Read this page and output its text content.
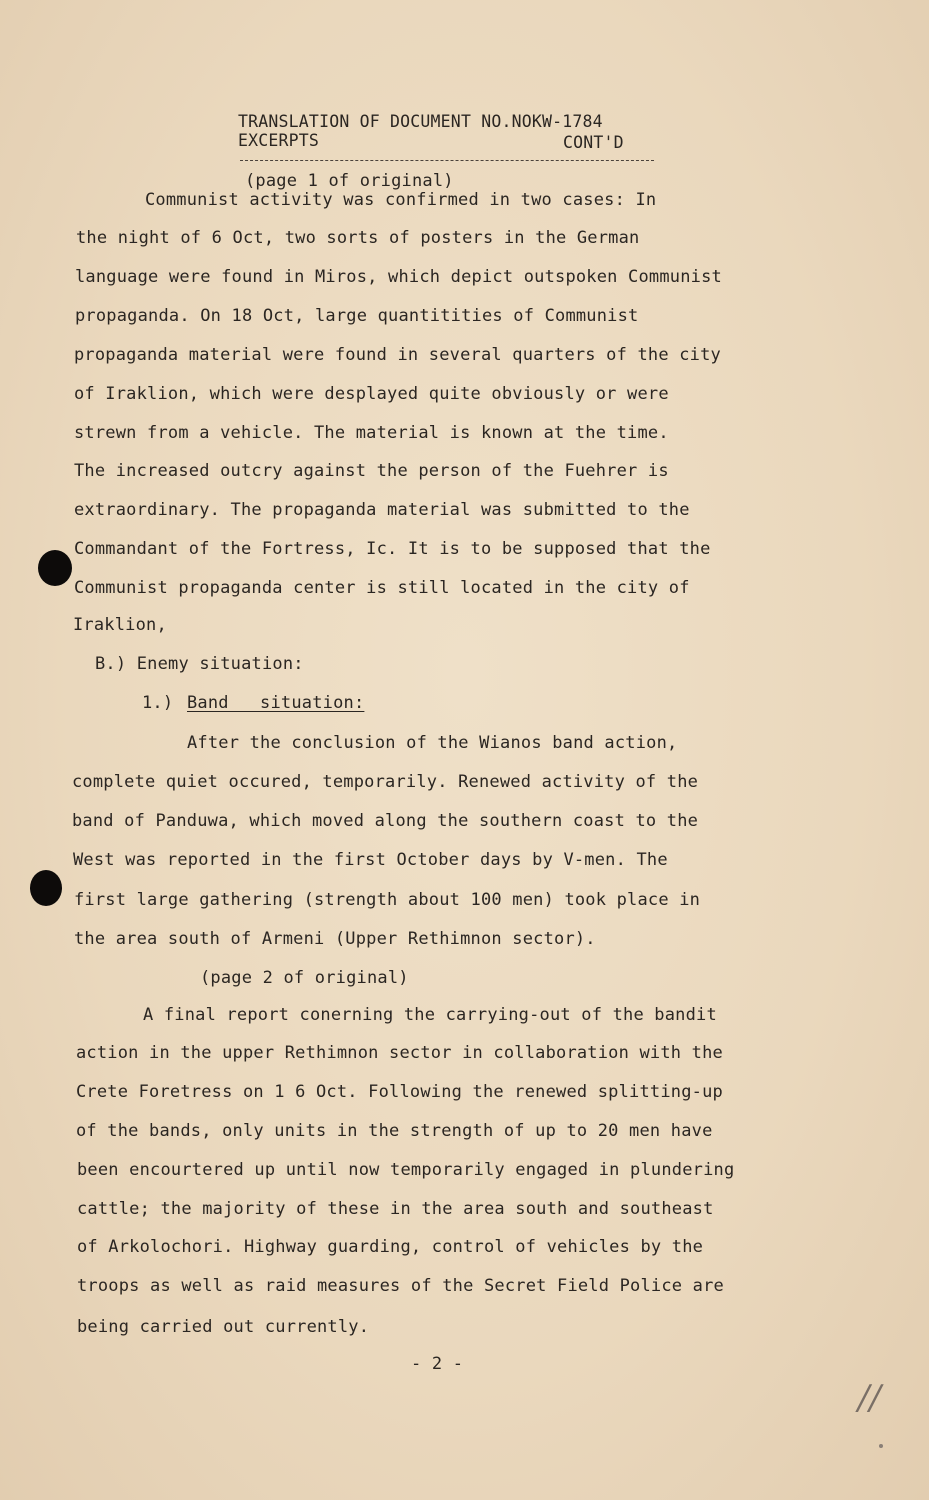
TRANSLATION OF DOCUMENT NO.NOKW-1784
EXCERPTS	CONT'D
(page 1 of original)
Communist activity was confirmed in two cases: In
the night of 6 Oct, two sorts of posters in the German
language were found in Miros, which depict outspoken Communist
propaganda. On 18 Oct, large quantitities of Communist
propaganda material were found in several quarters of the city
of Iraklion, which were desplayed quite obviously or were
strewn from a vehicle. The material is known at the time.
The increased outcry against the person of the Fuehrer is
extraordinary. The propaganda material was submitted to the
Commandant of the Fortress, Ic. It is to be supposed that the
Communist propaganda center is still located in the city of
Iraklion,
B.) Enemy situation:
1.) Band   situation:
After the conclusion of the Wianos band action,
complete quiet occured, temporarily. Renewed activity of the
band of Panduwa, which moved along the southern coast to the
West was reported in the first October days by V-men. The
first large gathering (strength about 100 men) took place in
the area south of Armeni (Upper Rethimnon sector).
(page 2 of original)
A final report conerning the carrying-out of the bandit
action in the upper Rethimnon sector in collaboration with the
Crete Foretress on 1 6 Oct. Following the renewed splitting-up
of the bands, only units in the strength of up to 20 men have
been encourtered up until now temporarily engaged in plundering
cattle; the majority of these in the area south and southeast
of Arkolochori. Highway guarding, control of vehicles by the
troops as well as raid measures of the Secret Field Police are
being carried out currently.
- 2 -
//
